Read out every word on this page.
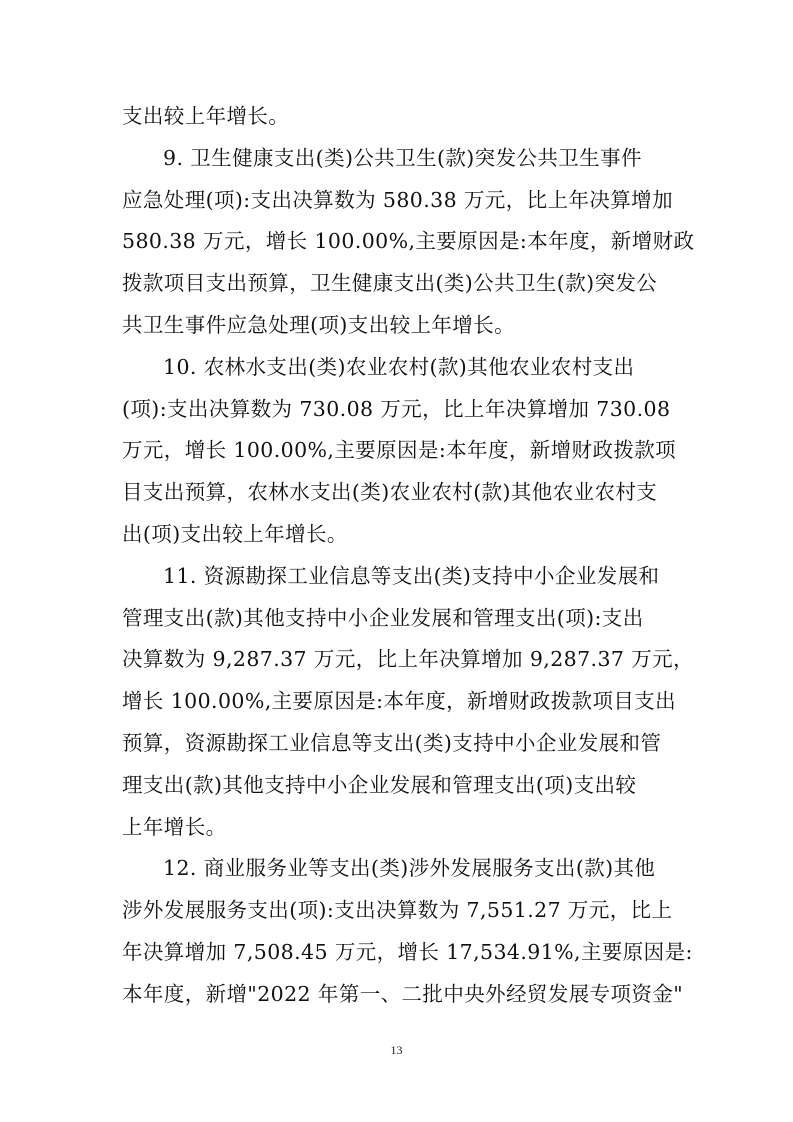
支出较上年增长。
9. 卫生健康支出(类)公共卫生(款)突发公共卫生事件
应急处理(项):支出决算数为 580.38 万元，比上年决算增加
580.38 万元，增长 100.00%,主要原因是:本年度，新增财政
拨款项目支出预算，卫生健康支出(类)公共卫生(款)突发公
共卫生事件应急处理(项)支出较上年增长。
10. 农林水支出(类)农业农村(款)其他农业农村支出
(项):支出决算数为 730.08 万元，比上年决算增加 730.08
万元，增长 100.00%,主要原因是:本年度，新增财政拨款项
目支出预算，农林水支出(类)农业农村(款)其他农业农村支
出(项)支出较上年增长。
11. 资源勘探工业信息等支出(类)支持中小企业发展和
管理支出(款)其他支持中小企业发展和管理支出(项):支出
决算数为 9,287.37 万元，比上年决算增加 9,287.37 万元，
增长 100.00%,主要原因是:本年度，新增财政拨款项目支出
预算，资源勘探工业信息等支出(类)支持中小企业发展和管
理支出(款)其他支持中小企业发展和管理支出(项)支出较
上年增长。
12. 商业服务业等支出(类)涉外发展服务支出(款)其他
涉外发展服务支出(项):支出决算数为 7,551.27 万元，比上
年决算增加 7,508.45 万元，增长 17,534.91%,主要原因是:
本年度，新增"2022 年第一、二批中央外经贸发展专项资金"
13
